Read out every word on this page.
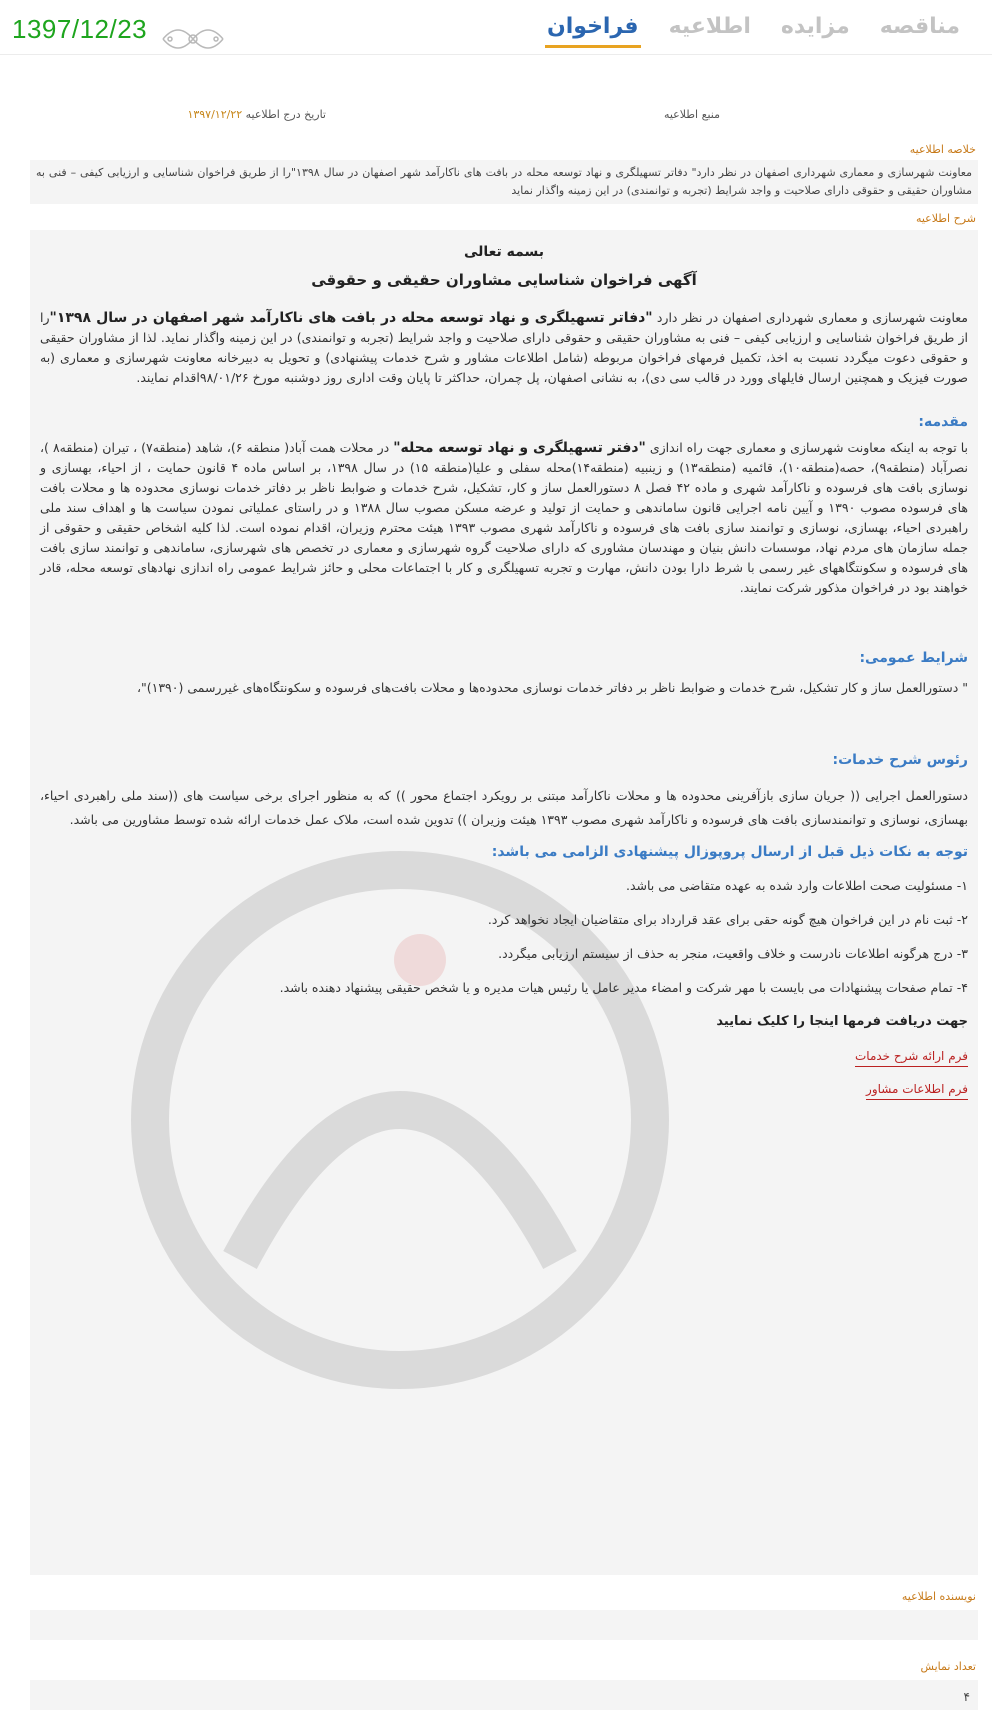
1397/12/23	مناقصه
مزایده
اطلاعیه
فراخوان
منبع اطلاعیه
تاریخ درج اطلاعیه ۱۳۹۷/۱۲/۲۲
خلاصه اطلاعیه
معاونت شهرسازی و معماری شهرداری اصفهان در نظر دارد" دفاتر تسهیلگری و نهاد توسعه محله در بافت های ناکارآمد شهر اصفهان در سال ۱۳۹۸"را از طریق فراخوان شناسایی و ارزیابی کیفی – فنی به مشاوران حقیقی و حقوقی دارای صلاحیت و واجد شرایط (تجربه و توانمندی) در این زمینه واگذار نماید
شرح اطلاعیه

بسمه تعالی

آگهی فراخوان شناسایی مشاوران حقیقی و حقوقی

معاونت شهرسازی و معماری شهرداری اصفهان در نظر دارد "دفاتر تسهیلگری و نهاد توسعه محله در بافت های ناکارآمد شهر اصفهان در سال ۱۳۹۸"را از طریق فراخوان شناسایی و ارزیابی کیفی – فنی به مشاوران حقیقی و حقوقی دارای صلاحیت و واجد شرایط (تجربه و توانمندی) در این زمینه واگذار نماید. لذا از مشاوران حقیقی و حقوقی دعوت میگردد نسبت به اخذ، تکمیل فرمهای فراخوان مربوطه (شامل اطلاعات مشاور و شرح خدمات پیشنهادی) و تحویل به دبیرخانه معاونت شهرسازی و معماری (به صورت فیزیک و همچنین ارسال فایلهای وورد در قالب سی دی)، به نشانی اصفهان، پل چمران، حداکثر تا پایان وقت اداری روز دوشنبه مورخ ۹۸/۰۱/۲۶اقدام نمایند.

مقدمه:

با توجه به اینکه معاونت شهرسازی و معماری جهت راه اندازی "دفتر تسهیلگری و نهاد توسعه محله" در محلات همت آباد( منطقه ۶)، شاهد (منطقه۷) ، تیران (منطقه۸ )، نصرآباد (منطقه۹)، حصه(منطقه۱۰)، قائمیه (منطقه۱۳) و زینبیه (منطقه۱۴)محله سفلی و علیا(منطقه ۱۵) در سال ۱۳۹۸، بر اساس ماده ۴ قانون حمایت ، از احیاء، بهسازی و نوسازی بافت های فرسوده و ناکارآمد شهری و ماده ۴۲ فصل ۸ دستورالعمل ساز و کار، تشکیل، شرح خدمات و ضوابط ناظر بر دفاتر خدمات نوسازی محدوده ها و محلات بافت های فرسوده مصوب ۱۳۹۰ و آیین نامه اجرایی قانون ساماندهی و حمایت از تولید و عرضه مسکن مصوب سال ۱۳۸۸ و در راستای عملیاتی نمودن سیاست ها و اهداف سند ملی راهبردی احیاء، بهسازی، نوسازی و توانمند سازی بافت های فرسوده و ناکارآمد شهری مصوب ۱۳۹۳ هیئت محترم وزیران، اقدام نموده است. لذا کلیه اشخاص حقیقی و حقوقی از جمله سازمان های مردم نهاد، موسسات دانش بنیان و مهندسان مشاوری که دارای صلاحیت گروه شهرسازی و معماری در تخصص های شهرسازی، ساماندهی و توانمند سازی بافت های فرسوده و سکونتگاههای غیر رسمی با شرط دارا بودن دانش، مهارت و تجربه تسهیلگری و کار با اجتماعات محلی و حائز شرایط عمومی راه اندازی نهادهای توسعه محله، قادر خواهند بود در فراخوان مذکور شرکت نمایند.

شرایط عمومی:

" دستورالعمل ساز و کار تشکیل، شرح خدمات و ضوابط ناظر بر دفاتر خدمات نوسازی محدوده‌ها و محلات بافت‌های فرسوده و سکونتگاه‌های غیررسمی (۱۳۹۰)"،

رئوس شرح خدمات:

دستورالعمل اجرایی (( جریان سازی بازآفرینی محدوده ها و محلات ناکارآمد مبتنی بر رویکرد اجتماع محور )) که به منظور اجرای برخی سیاست های ((سند ملی راهبردی احیاء، بهسازی، نوسازی و توانمندسازی بافت های فرسوده و ناکارآمد شهری مصوب ۱۳۹۳ هیئت وزیران )) تدوین شده است، ملاک عمل خدمات ارائه شده توسط مشاورین می باشد.

توجه به نکات ذیل قبل از ارسال پروپوزال پیشنهادی الزامی می باشد:

۱- مسئولیت صحت اطلاعات وارد شده به عهده متقاضی می باشد.

۲- ثبت نام در این فراخوان هیچ گونه حقی برای عقد قرارداد برای متقاضیان ایجاد نخواهد کرد.

۳- درج هرگونه اطلاعات نادرست و خلاف واقعیت، منجر به حذف از سیستم ارزیابی میگردد.

۴- تمام صفحات پیشنهادات می بایست با مهر شرکت و امضاء مدیر عامل یا رئیس هیات مدیره و یا شخص حقیقی پیشنهاد دهنده باشد.

جهت دریافت فرمها اینجا را کلیک نمایید

فرم ارائه شرح خدمات
فرم اطلاعات مشاور
نویسنده اطلاعیه
تعداد نمایش
۴
